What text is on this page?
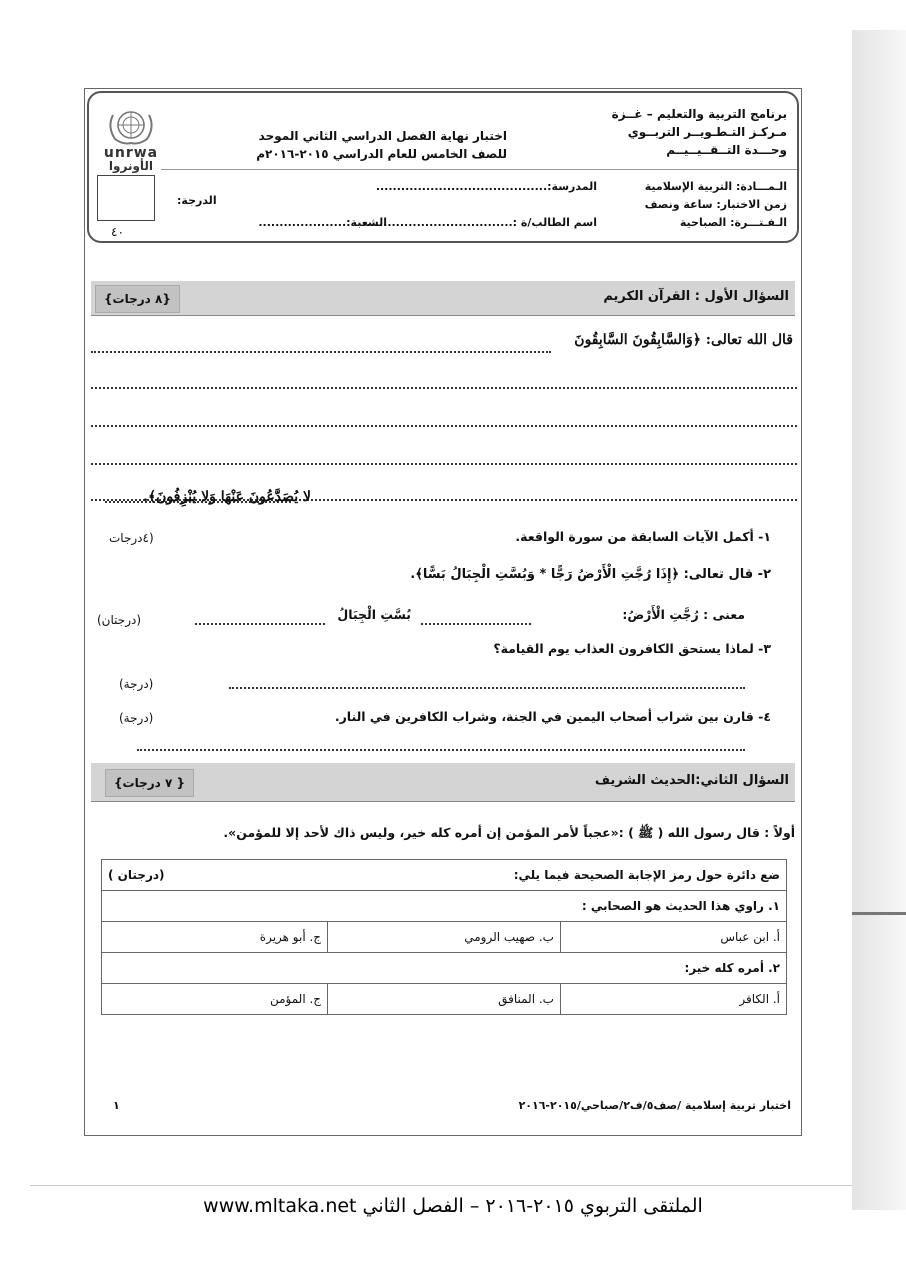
unrwa
الأونروا
٤٠
برنامج التربية والتعليم – غــزة
مـركـز التـطـويــر التربــوي
وحـــدة التــقــيــيــم
اختبار نهاية الفصل الدراسي الثاني الموحد
للصف الخامس للعام الدراسي ٢٠١٥-٢٠١٦م
الـمـــادة: التربية الإسلامية
زمن الاختبار: ساعة ونصف
الـفـتـــرة: الصباحية
المدرسة:.........................................
اسم الطالب/ة :....................................
الشعبة:.....................
الدرجة:
السؤال الأول : القرآن الكريم
{٨ درجات}
قال الله تعالى: ﴿وَالسَّابِقُونَ السَّابِقُونَ
لا يُصَدَّعُونَ عَنْهَا وَلا يُنْزِفُونَ﴾.
١- أكمل الآيات السابقة من سورة الواقعة.
(٤درجات
٢- قال تعالى: ﴿إِذَا رُجَّتِ الْأَرْضُ رَجًّا * وَبُسَّتِ الْجِبَالُ بَسًّا﴾.
معنى : رُجَّتِ الْأَرْضُ:
بُسَّتِ الْجِبَالُ
(درجتان)
٣- لماذا يستحق الكافرون العذاب يوم القيامة؟
(درجة)
٤- قارن بين شراب أصحاب اليمين في الجنة، وشراب الكافرين في النار.
(درجة)
السؤال الثاني:الحديث الشريف
{ ٧ درجات}
أولاً : قال رسول الله ( ﷺ ) :«عجباً لأمر المؤمن إن أمره كله خير، وليس ذاك لأحد إلا للمؤمن».
ضع دائرة حول رمز الإجابة الصحيحة فيما يلي:		(درجتان )
١. راوي هذا الحديث هو الصحابي :		
أ. ابن عباس	ب. صهيب الرومي	ج. أبو هريرة
٢. أمره كله خير:		
أ. الكافر	ب. المنافق	ج. المؤمن
اختبار تربية إسلامية /صف٥/ف٢/صباحي/٢٠١٥-٢٠١٦
١
الملتقى التربوي ٢٠١٥-٢٠١٦ – الفصل الثاني www.mltaka.net
